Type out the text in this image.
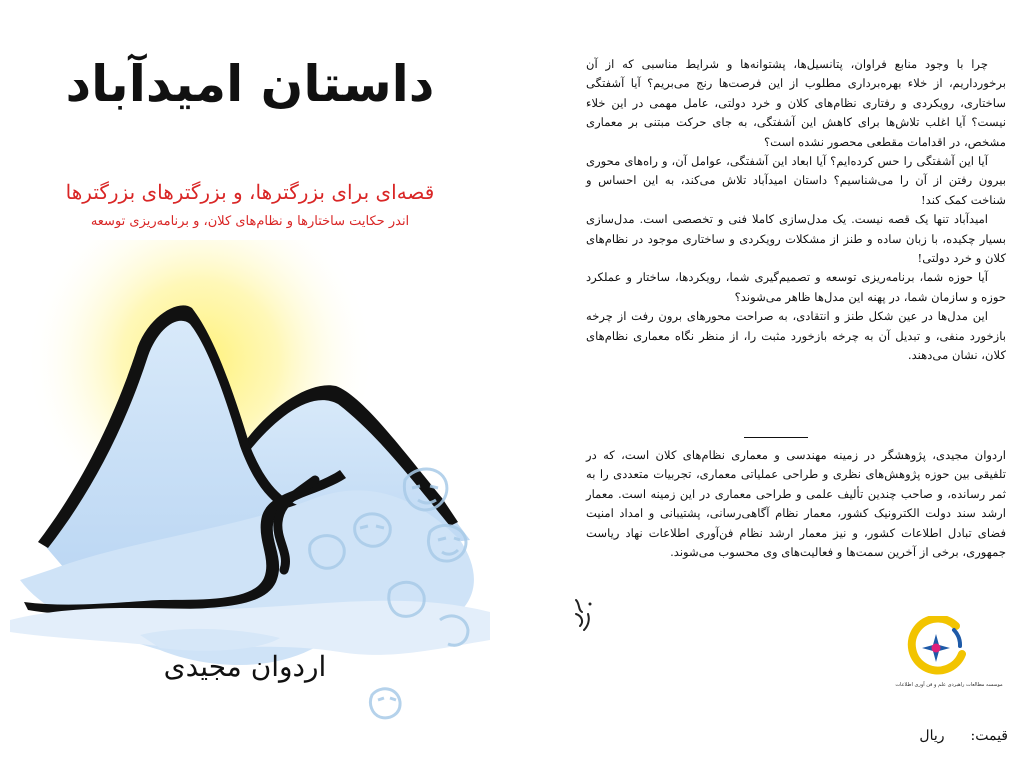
داستان امیدآباد
قصه‌ای برای بزرگترها، و بزرگترهای بزرگترها
اندر حکایت ساختارها و نظام‌های کلان، و برنامه‌ریزی توسعه
اردوان مجیدی

چرا با وجود منابع فراوان، پتانسیل‌ها، پشتوانه‌ها و شرایط مناسبی که از آن برخورداریم، از خلاء بهره‌برداری مطلوب از این فرصت‌ها رنج می‌بریم؟ آیا آشفتگی ساختاری، رویکردی و رفتاری نظام‌های کلان و خرد دولتی، عامل مهمی در این خلاء نیست؟ آیا اغلب تلاش‌ها برای کاهش این آشفتگی، به جای حرکت مبتنی بر معماری مشخص، در اقدامات مقطعی محصور نشده است؟

آیا این آشفتگی را حس کرده‌ایم؟ آیا ابعاد این آشفتگی، عوامل آن، و راه‌های محوری بیرون رفتن از آن را می‌شناسیم؟ داستان امیدآباد تلاش می‌کند، به این احساس و شناخت کمک کند!

امیدآباد تنها یک قصه نیست. یک مدل‌سازی کاملا فنی و تخصصی است. مدل‌سازی بسیار چکیده، با زبان ساده و طنز از مشکلات رویکردی و ساختاری موجود در نظام‌های کلان و خرد دولتی!

آیا حوزه شما، برنامه‌ریزی توسعه و تصمیم‌گیری شما، رویکردها، ساختار و عملکرد حوزه و سازمان شما، در پهنه این مدل‌ها ظاهر می‌شوند؟

این مدل‌ها در عین شکل طنز و انتقادی، به صراحت محورهای برون رفت از چرخه بازخورد منفی، و تبدیل آن به چرخه بازخورد مثبت را، از منظر نگاه معماری نظام‌های کلان، نشان می‌دهند.

اردوان مجیدی، پژوهشگر در زمینه مهندسی و معماری نظام‌های کلان است، که در تلفیقی بین حوزه پژوهش‌های نظری و طراحی عملیاتی معماری، تجربیات متعددی را به ثمر رسانده، و صاحب چندین تألیف علمی و طراحی معماری در این زمینه است. معمار ارشد سند دولت الکترونیک کشور، معمار نظام آگاهی‌رسانی، پشتیبانی و امداد امنیت فضای تبادل اطلاعات کشور، و نیز معمار ارشد نظام فن‌آوری اطلاعات نهاد ریاست جمهوری، برخی از آخرین سمت‌ها و فعالیت‌های وی محسوب می‌شوند.

موسسه مطالعات راهبردی علم و فن آوری اطلاعات
قیمت:ریال
